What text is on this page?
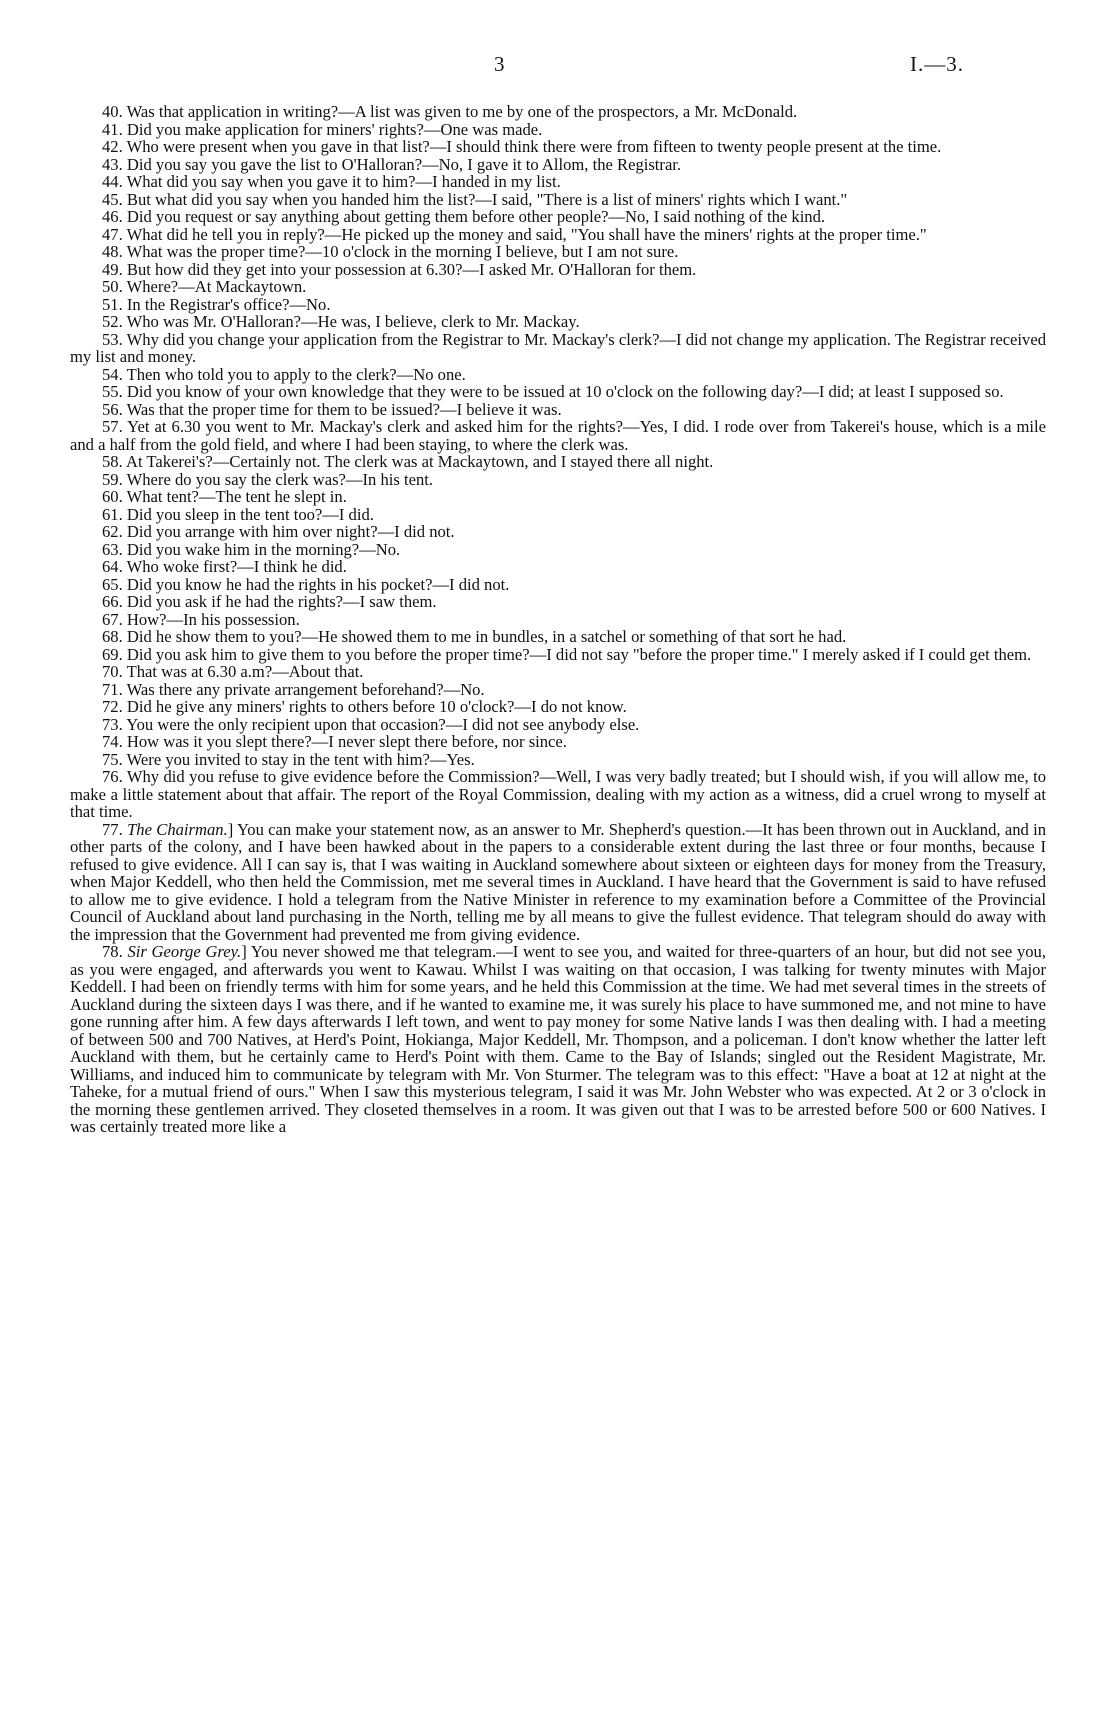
3	I.—3.

40. Was that application in writing?—A list was given to me by one of the prospectors, a Mr. McDonald.

41. Did you make application for miners' rights?—One was made.

42. Who were present when you gave in that list?—I should think there were from fifteen to twenty people present at the time.

43. Did you say you gave the list to O'Halloran?—No, I gave it to Allom, the Registrar.

44. What did you say when you gave it to him?—I handed in my list.

45. But what did you say when you handed him the list?—I said, "There is a list of miners' rights which I want."

46. Did you request or say anything about getting them before other people?—No, I said nothing of the kind.

47. What did he tell you in reply?—He picked up the money and said, "You shall have the miners' rights at the proper time."

48. What was the proper time?—10 o'clock in the morning I believe, but I am not sure.

49. But how did they get into your possession at 6.30?—I asked Mr. O'Halloran for them.

50. Where?—At Mackaytown.

51. In the Registrar's office?—No.

52. Who was Mr. O'Halloran?—He was, I believe, clerk to Mr. Mackay.

53. Why did you change your application from the Registrar to Mr. Mackay's clerk?—I did not change my application. The Registrar received my list and money.

54. Then who told you to apply to the clerk?—No one.

55. Did you know of your own knowledge that they were to be issued at 10 o'clock on the following day?—I did; at least I supposed so.

56. Was that the proper time for them to be issued?—I believe it was.

57. Yet at 6.30 you went to Mr. Mackay's clerk and asked him for the rights?—Yes, I did. I rode over from Takerei's house, which is a mile and a half from the gold field, and where I had been staying, to where the clerk was.

58. At Takerei's?—Certainly not. The clerk was at Mackaytown, and I stayed there all night.

59. Where do you say the clerk was?—In his tent.

60. What tent?—The tent he slept in.

61. Did you sleep in the tent too?—I did.

62. Did you arrange with him over night?—I did not.

63. Did you wake him in the morning?—No.

64. Who woke first?—I think he did.

65. Did you know he had the rights in his pocket?—I did not.

66. Did you ask if he had the rights?—I saw them.

67. How?—In his possession.

68. Did he show them to you?—He showed them to me in bundles, in a satchel or something of that sort he had.

69. Did you ask him to give them to you before the proper time?—I did not say "before the proper time." I merely asked if I could get them.

70. That was at 6.30 a.m?—About that.

71. Was there any private arrangement beforehand?—No.

72. Did he give any miners' rights to others before 10 o'clock?—I do not know.

73. You were the only recipient upon that occasion?—I did not see anybody else.

74. How was it you slept there?—I never slept there before, nor since.

75. Were you invited to stay in the tent with him?—Yes.

76. Why did you refuse to give evidence before the Commission?—Well, I was very badly treated; but I should wish, if you will allow me, to make a little statement about that affair. The report of the Royal Commission, dealing with my action as a witness, did a cruel wrong to myself at that time.

77. The Chairman.] You can make your statement now, as an answer to Mr. Shepherd's question.—It has been thrown out in Auckland, and in other parts of the colony, and I have been hawked about in the papers to a considerable extent during the last three or four months, because I refused to give evidence. All I can say is, that I was waiting in Auckland somewhere about sixteen or eighteen days for money from the Treasury, when Major Keddell, who then held the Commission, met me several times in Auckland. I have heard that the Government is said to have refused to allow me to give evidence. I hold a telegram from the Native Minister in reference to my examination before a Committee of the Provincial Council of Auckland about land purchasing in the North, telling me by all means to give the fullest evidence. That telegram should do away with the impression that the Government had prevented me from giving evidence.

78. Sir George Grey.] You never showed me that telegram.—I went to see you, and waited for three-quarters of an hour, but did not see you, as you were engaged, and afterwards you went to Kawau. Whilst I was waiting on that occasion, I was talking for twenty minutes with Major Keddell. I had been on friendly terms with him for some years, and he held this Commission at the time. We had met several times in the streets of Auckland during the sixteen days I was there, and if he wanted to examine me, it was surely his place to have summoned me, and not mine to have gone running after him. A few days afterwards I left town, and went to pay money for some Native lands I was then dealing with. I had a meeting of between 500 and 700 Natives, at Herd's Point, Hokianga, Major Keddell, Mr. Thompson, and a policeman. I don't know whether the latter left Auckland with them, but he certainly came to Herd's Point with them. Came to the Bay of Islands; singled out the Resident Magistrate, Mr. Williams, and induced him to communicate by telegram with Mr. Von Sturmer. The telegram was to this effect: "Have a boat at 12 at night at the Taheke, for a mutual friend of ours." When I saw this mysterious telegram, I said it was Mr. John Webster who was expected. At 2 or 3 o'clock in the morning these gentlemen arrived. They closeted themselves in a room. It was given out that I was to be arrested before 500 or 600 Natives. I was certainly treated more like a
